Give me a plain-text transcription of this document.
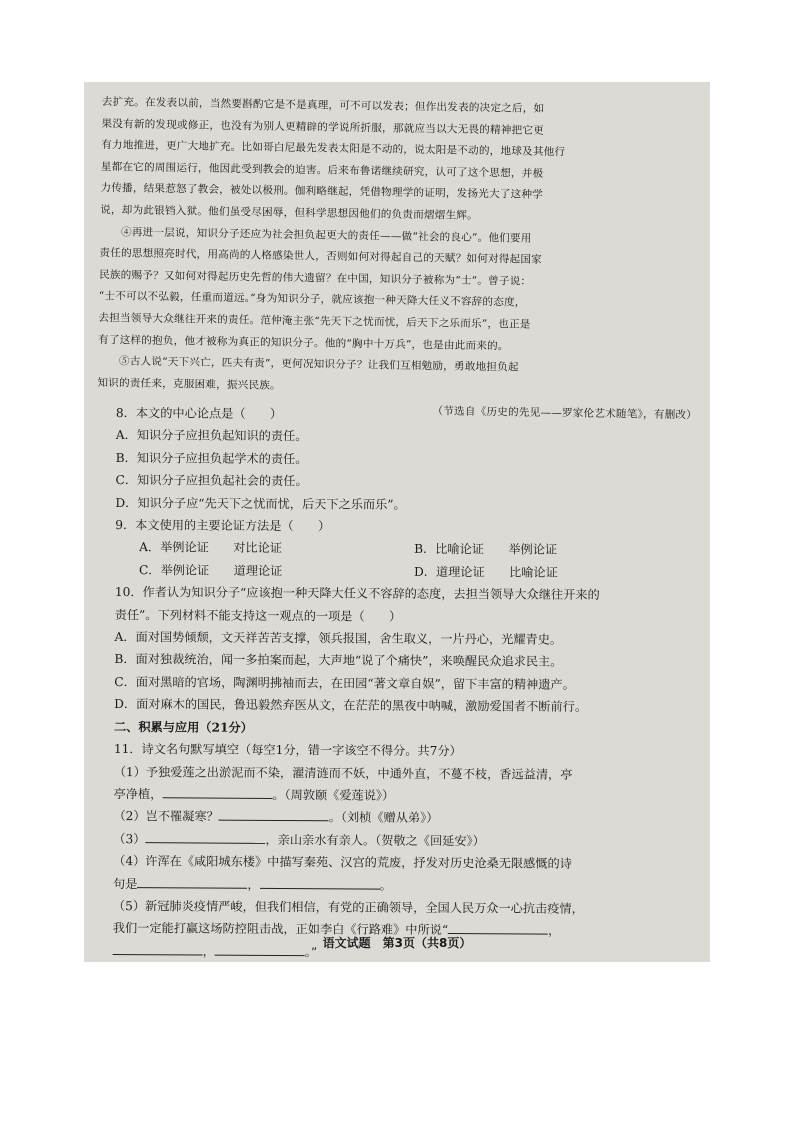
去扩充。在发表以前，当然要斟酌它是不是真理，可不可以发表；但作出发表的决定之后，如

果没有新的发现或修正，也没有为别人更精辟的学说所折服，那就应当以大无畏的精神把它更

有力地推进，更广大地扩充。比如哥白尼最先发表太阳是不动的，说太阳是不动的，地球及其他行

星都在它的周围运行，他因此受到教会的迫害。后来布鲁诺继续研究，认可了这个思想，并极

力传播，结果惹怒了教会，被处以极刑。伽利略继起，凭借物理学的证明，发扬光大了这种学

说，却为此银铛入狱。他们虽受尽困辱，但科学思想因他们的负责而熠熠生辉。

④再进一层说，知识分子还应为社会担负起更大的责任——做“社会的良心”。他们要用

责任的思想照亮时代，用高尚的人格感染世人，否则如何对得起自己的天赋？如何对得起国家

民族的赐予？又如何对得起历史先哲的伟大遗留？在中国，知识分子被称为“士”。曾子说：

“士不可以不弘毅，任重而道远。”身为知识分子，就应该抱一种天降大任义不容辞的态度，

去担当领导大众继往开来的责任。范仲淹主张“先天下之忧而忧，后天下之乐而乐”，也正是

有了这样的抱负，他才被称为真正的知识分子。他的“胸中十万兵”，也是由此而来的。

⑤古人说“天下兴亡，匹夫有责”，更何况知识分子？让我们互相勉励，勇敢地担负起

知识的责任来，克服困难，振兴民族。

（节选自《历史的先见——罗家伦艺术随笔》，有删改）

8．本文的中心论点是（　　）

A．知识分子应担负起知识的责任。

B．知识分子应担负起学术的责任。

C．知识分子应担负起社会的责任。

D．知识分子应“先天下之忧而忧，后天下之乐而乐”。

9．本文使用的主要论证方法是（　　）

A．举例论证　　对比论证	B．比喻论证　　举例论证
C．举例论证　　道理论证	D．道理论证　　比喻论证

10．作者认为知识分子“应该抱一种天降大任义不容辞的态度，去担当领导大众继往开来的

责任”。下列材料不能支持这一观点的一项是（　　）

A．面对国势倾颓，文天祥苦苦支撑，领兵报国，舍生取义，一片丹心，光耀青史。

B．面对独裁统治，闻一多拍案而起，大声地“说了个痛快”，来唤醒民众追求民主。

C．面对黑暗的官场，陶渊明拂袖而去，在田园“著文章自娱”，留下丰富的精神遗产。

D．面对麻木的国民，鲁迅毅然弃医从文，在茫茫的黑夜中呐喊，激励爱国者不断前行。

二、积累与应用（21分）

11．诗文名句默写填空（每空1分，错一字该空不得分。共7分）

（1）予独爱莲之出淤泥而不染，濯清涟而不妖，中通外直，不蔓不枝，香远益清，亭

亭净植，	。（周敦颐《爱莲说》）

（2）岂不罹凝寒？	。（刘桢《赠从弟》）

（3）	，亲山亲水有亲人。（贺敬之《回延安》）

（4）许浑在《咸阳城东楼》中描写秦苑、汉宫的荒废，抒发对历史沧桑无限感慨的诗

句是	，	。

（5）新冠肺炎疫情严峻，但我们相信，有党的正确领导，全国人民万众一心抗击疫情，

我们一定能打赢这场防控阻击战，正如李白《行路难》中所说“	，

，	。”

语文试题　第3页（共8页）
